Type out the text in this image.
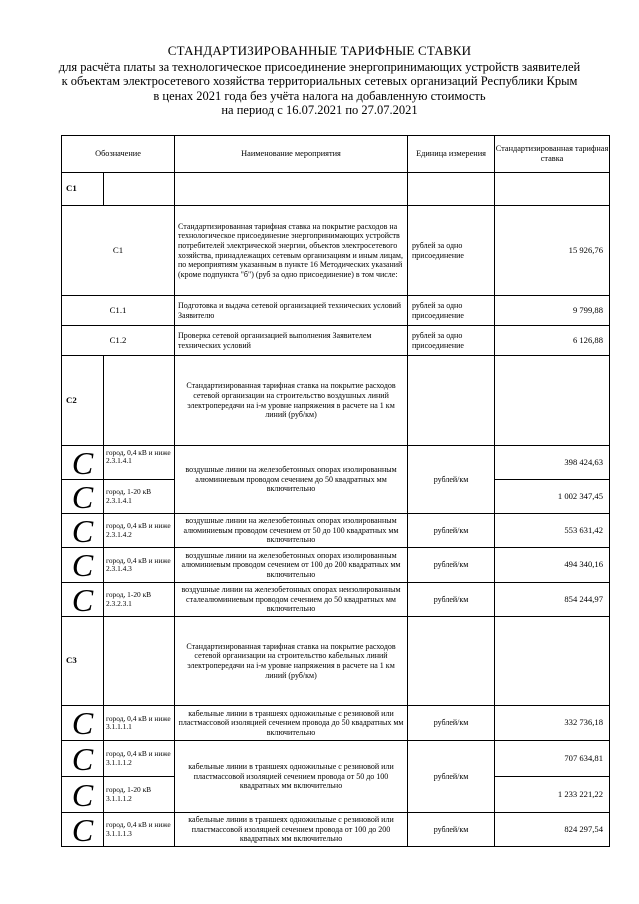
СТАНДАРТИЗИРОВАННЫЕ ТАРИФНЫЕ СТАВКИ
для расчёта платы за технологическое присоединение энергопринимающих устройств заявителей
к объектам электросетевого хозяйства территориальных сетевых организаций Республики Крым
в ценах 2021 года без учёта налога на добавленную стоимость
на период с 16.07.2021 по 27.07.2021
Обозначение		Наименование мероприятия	Единица измерения	Стандартизированная тарифная ставка
C1				
C1		Стандартизированная тарифная ставка на покрытие расходов на технологическое присоединение энергопринимающих устройств потребителей электрической энергии, объектов электросетевого хозяйства, принадлежащих сетевым организациям и иным лицам, по мероприятиям указанным в пункте 16 Методических указаний (кроме подпункта "б") (руб за одно присоединение) в том числе:	рублей за одно присоединение	15 926,76
C1.1		Подготовка и выдача сетевой организацией технических условий Заявителю	рублей за одно присоединение	9 799,88
C1.2		Проверка сетевой организацией выполнения Заявителем технических условий	рублей за одно присоединение	6 126,88
C2		Стандартизированная тарифная ставка на покрытие расходов сетевой организации на строительство воздушных линий электропередачи на i-м уровне напряжения в расчете на 1 км линий (руб/км)		
C	город, 0,4 кВ и ниже 2.3.1.4.1	воздушные линии на железобетонных опорах изолированным алюминиевым проводом сечением до 50 квадратных мм включительно	рублей/км	398 424,63
C	город, 1-20 кВ 2.3.1.4.1			1 002 347,45
C	город, 0,4 кВ и ниже 2.3.1.4.2	воздушные линии на железобетонных опорах изолированным алюминиевым проводом сечением от 50 до 100 квадратных мм включительно	рублей/км	553 631,42
C	город, 0,4 кВ и ниже 2.3.1.4.3	воздушные линии на железобетонных опорах изолированным алюминиевым проводом сечением от 100 до 200 квадратных мм включительно	рублей/км	494 340,16
C	город, 1-20 кВ 2.3.2.3.1	воздушные линии на железобетонных опорах неизолированным сталеалюминиевым проводом сечением до 50 квадратных мм включительно	рублей/км	854 244,97
C3		Стандартизированная тарифная ставка на покрытие расходов сетевой организации на строительство кабельных линий электропередачи на i-м уровне напряжения в расчете на 1 км линий (руб/км)		
C	город, 0,4 кВ и ниже 3.1.1.1.1	кабельные линии в траншеях одножильные с резиновой или пластмассовой изоляцией сечением провода до 50 квадратных мм включительно	рублей/км	332 736,18
C	город, 0,4 кВ и ниже 3.1.1.1.2	кабельные линии в траншеях одножильные с резиновой или пластмассовой изоляцией сечением провода от 50 до 100 квадратных мм включительно	рублей/км	707 634,81
C	город, 1-20 кВ 3.1.1.1.2			1 233 221,22
C	город, 0,4 кВ и ниже 3.1.1.1.3	кабельные линии в траншеях одножильные с резиновой или пластмассовой изоляцией сечением провода от 100 до 200 квадратных мм включительно	рублей/км	824 297,54
